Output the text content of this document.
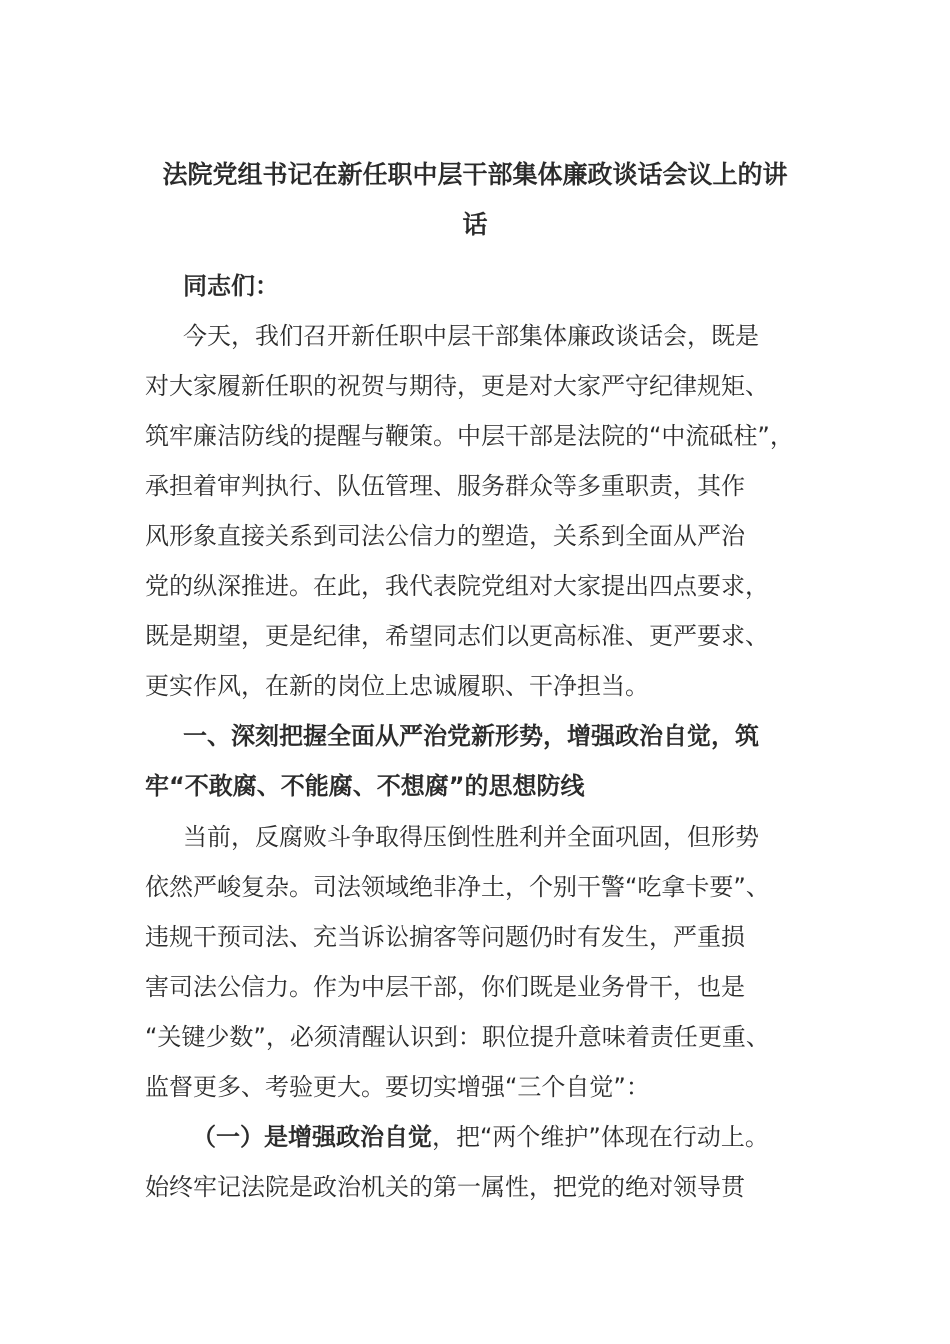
法院党组书记在新任职中层干部集体廉政谈话会议上的讲

话

同志们：

今天，我们召开新任职中层干部集体廉政谈话会，既是

对大家履新任职的祝贺与期待，更是对大家严守纪律规矩、

筑牢廉洁防线的提醒与鞭策。中层干部是法院的“中流砥柱”，

承担着审判执行、队伍管理、服务群众等多重职责，其作

风形象直接关系到司法公信力的塑造，关系到全面从严治

党的纵深推进。在此，我代表院党组对大家提出四点要求，

既是期望，更是纪律，希望同志们以更高标准、更严要求、

更实作风，在新的岗位上忠诚履职、干净担当。

一、深刻把握全面从严治党新形势，增强政治自觉，筑

牢“不敢腐、不能腐、不想腐”的思想防线

当前，反腐败斗争取得压倒性胜利并全面巩固，但形势

依然严峻复杂。司法领域绝非净土，个别干警“吃拿卡要”、

违规干预司法、充当诉讼掮客等问题仍时有发生，严重损

害司法公信力。作为中层干部，你们既是业务骨干，也是

“关键少数”，必须清醒认识到：职位提升意味着责任更重、

监督更多、考验更大。要切实增强“三个自觉”：

（一）是增强政治自觉，把“两个维护”体现在行动上。

始终牢记法院是政治机关的第一属性，把党的绝对领导贯
